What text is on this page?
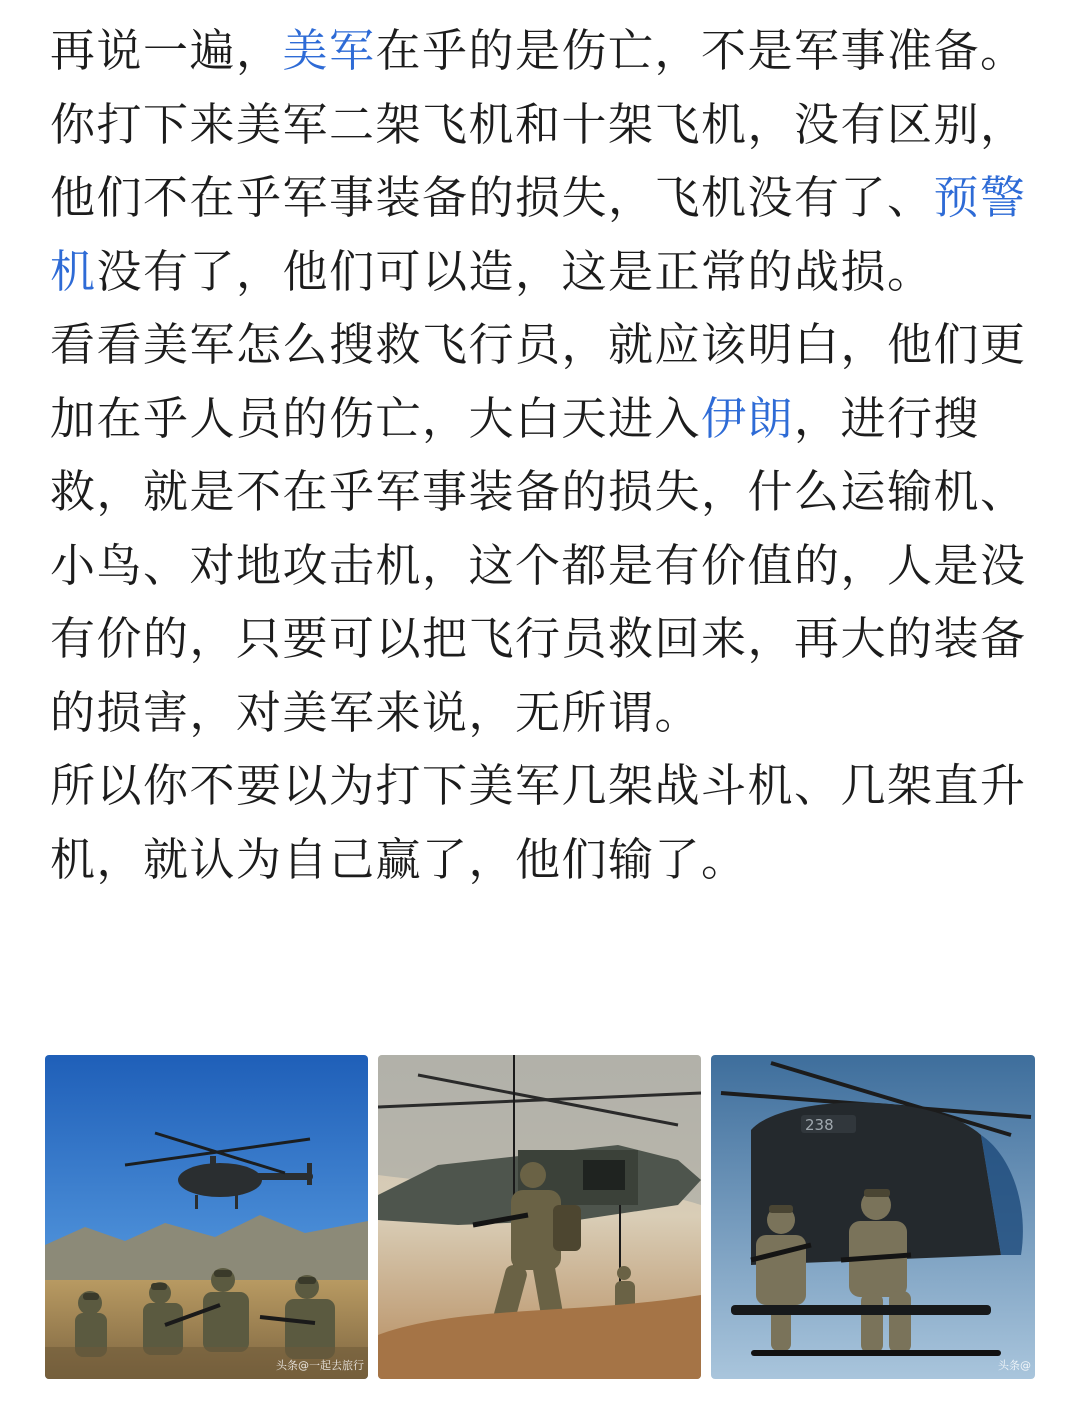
再说一遍，美军在乎的是伤亡，不是军事准备。

你打下来美军二架飞机和十架飞机，没有区别，他们不在乎军事装备的损失，飞机没有了、预警机没有了，他们可以造，这是正常的战损。

看看美军怎么搜救飞行员，就应该明白，他们更加在乎人员的伤亡，大白天进入伊朗，进行搜救，就是不在乎军事装备的损失，什么运输机、小鸟、对地攻击机，这个都是有价值的，人是没有价的，只要可以把飞行员救回来，再大的装备的损害，对美军来说，无所谓。

所以你不要以为打下美军几架战斗机、几架直升机，就认为自己赢了，他们输了。

头条@一起去旅行
238
头条@
